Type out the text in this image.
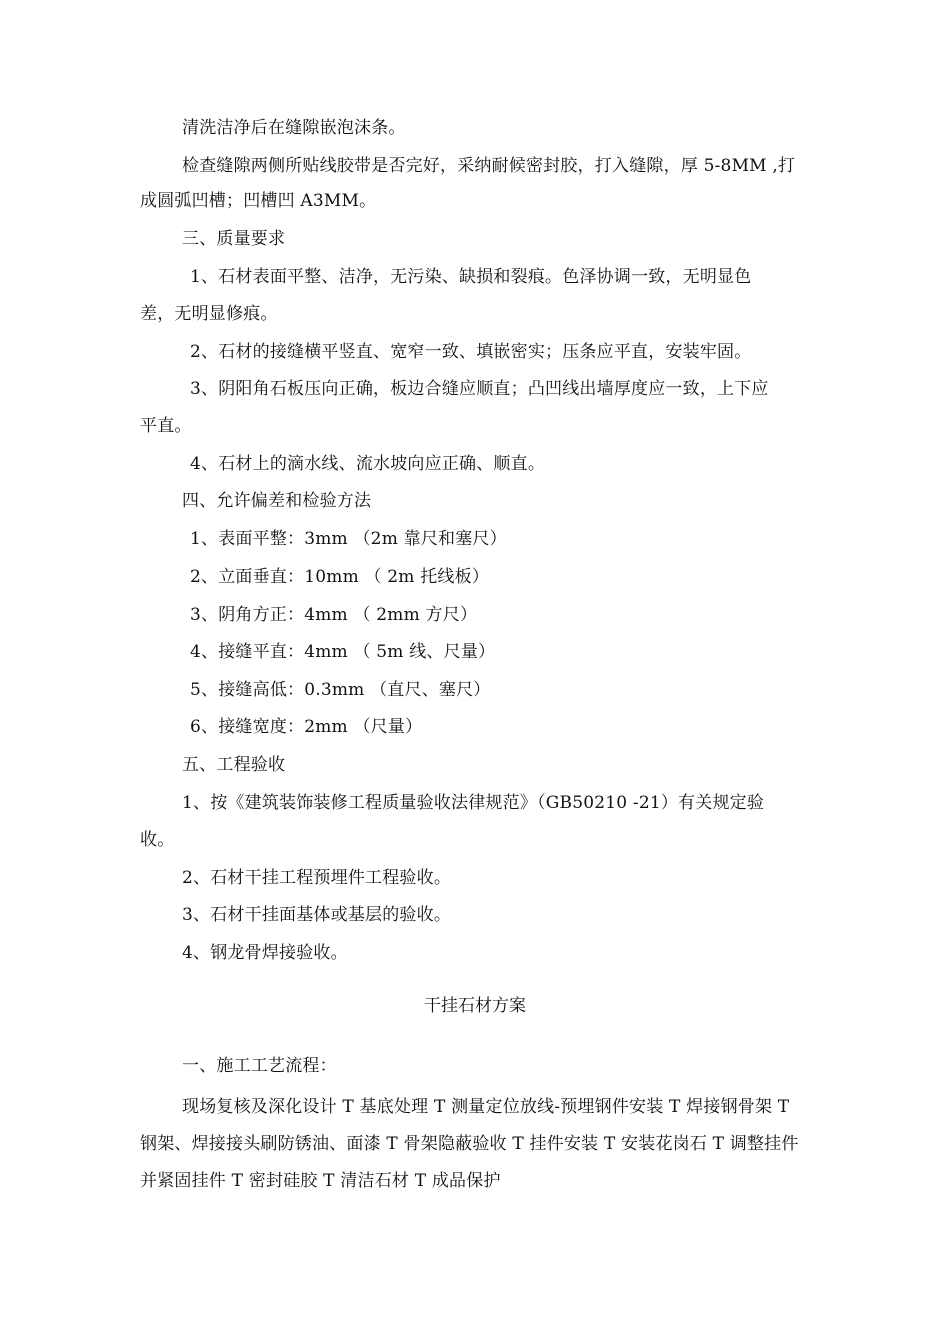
清洗洁净后在缝隙嵌泡沫条。
检查缝隙两侧所贴线胶带是否完好，采纳耐候密封胶，打入缝隙，厚 5-8MM ,打
成圆弧凹槽；凹槽凹 A3MM。
三、质量要求
1、石材表面平整、洁净，无污染、缺损和裂痕。色泽协调一致，无明显色
差，无明显修痕。
2、石材的接缝横平竖直、宽窄一致、填嵌密实；压条应平直，安装牢固。
3、阴阳角石板压向正确，板边合缝应顺直；凸凹线出墙厚度应一致，上下应
平直。
4、石材上的滴水线、流水坡向应正确、顺直。
四、允许偏差和检验方法
1、表面平整：3mm （2m 靠尺和塞尺）
2、立面垂直：10mm （ 2m 托线板）
3、阴角方正：4mm （ 2mm 方尺）
4、接缝平直：4mm （ 5m 线、尺量）
5、接缝高低：0.3mm （直尺、塞尺）
6、接缝宽度：2mm （尺量）
五、工程验收
1、按《建筑装饰装修工程质量验收法律规范》（GB50210 -21）有关规定验
收。
2、石材干挂工程预埋件工程验收。
3、石材干挂面基体或基层的验收。
4、钢龙骨焊接验收。
干挂石材方案
一、施工工艺流程：
现场复核及深化设计 T 基底处理 T 测量定位放线-预埋钢件安装 T 焊接钢骨架 T
钢架、焊接接头刷防锈油、面漆 T 骨架隐蔽验收 T 挂件安装 T 安装花岗石 T 调整挂件
并紧固挂件 T 密封硅胶 T 清洁石材 T 成品保护
